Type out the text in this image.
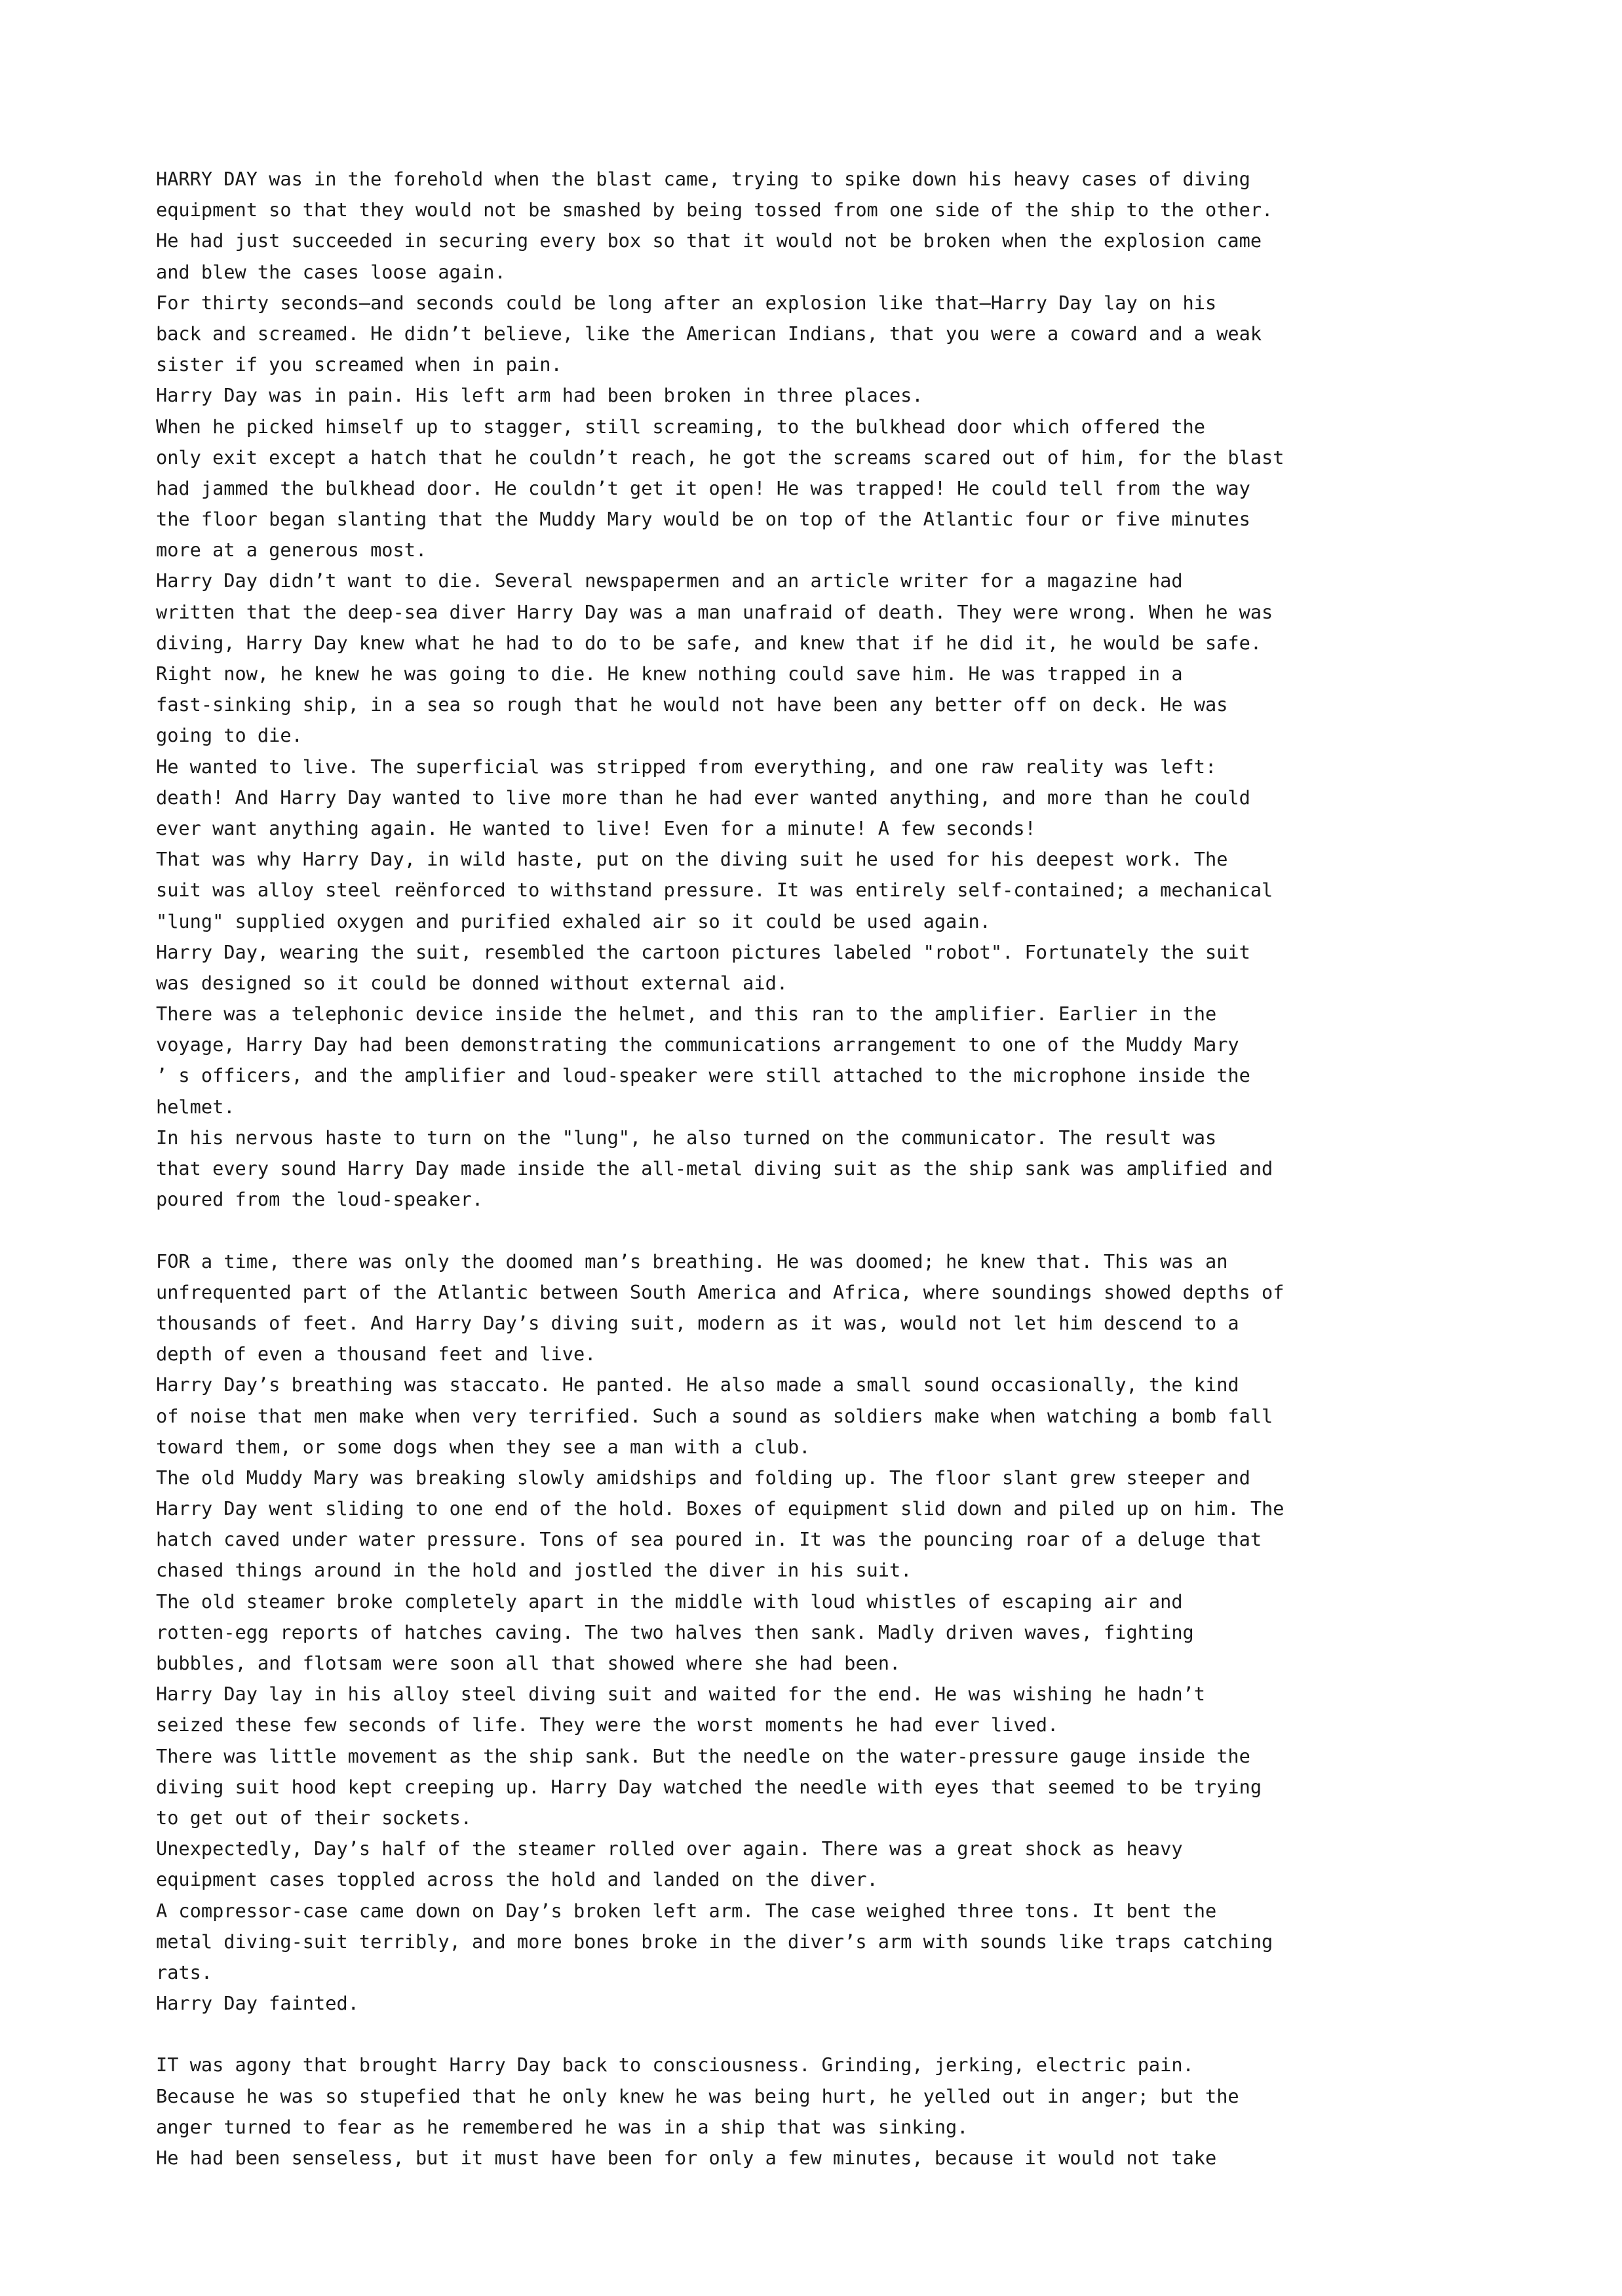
HARRY DAY was in the forehold when the blast came, trying to spike down his heavy cases of diving
equipment so that they would not be smashed by being tossed from one side of the ship to the other.
He had just succeeded in securing every box so that it would not be broken when the explosion came
and blew the cases loose again.
For thirty seconds—and seconds could be long after an explosion like that—Harry Day lay on his
back and screamed. He didn’t believe, like the American Indians, that you were a coward and a weak
sister if you screamed when in pain.
Harry Day was in pain. His left arm had been broken in three places.
When he picked himself up to stagger, still screaming, to the bulkhead door which offered the
only exit except a hatch that he couldn’t reach, he got the screams scared out of him, for the blast
had jammed the bulkhead door. He couldn’t get it open! He was trapped! He could tell from the way
the floor began slanting that the Muddy Mary would be on top of the Atlantic four or five minutes
more at a generous most.
Harry Day didn’t want to die. Several newspapermen and an article writer for a magazine had
written that the deep-sea diver Harry Day was a man unafraid of death. They were wrong. When he was
diving, Harry Day knew what he had to do to be safe, and knew that if he did it, he would be safe.
Right now, he knew he was going to die. He knew nothing could save him. He was trapped in a
fast-sinking ship, in a sea so rough that he would not have been any better off on deck. He was
going to die.
He wanted to live. The superficial was stripped from everything, and one raw reality was left:
death! And Harry Day wanted to live more than he had ever wanted anything, and more than he could
ever want anything again. He wanted to live! Even for a minute! A few seconds!
That was why Harry Day, in wild haste, put on the diving suit he used for his deepest work. The
suit was alloy steel reënforced to withstand pressure. It was entirely self-contained; a mechanical
"lung" supplied oxygen and purified exhaled air so it could be used again.
Harry Day, wearing the suit, resembled the cartoon pictures labeled "robot". Fortunately the suit
was designed so it could be donned without external aid.
There was a telephonic device inside the helmet, and this ran to the amplifier. Earlier in the
voyage, Harry Day had been demonstrating the communications arrangement to one of the Muddy Mary
’ s officers, and the amplifier and loud-speaker were still attached to the microphone inside the
helmet.
In his nervous haste to turn on the "lung", he also turned on the communicator. The result was
that every sound Harry Day made inside the all-metal diving suit as the ship sank was amplified and
poured from the loud-speaker.
FOR a time, there was only the doomed man’s breathing. He was doomed; he knew that. This was an
unfrequented part of the Atlantic between South America and Africa, where soundings showed depths of
thousands of feet. And Harry Day’s diving suit, modern as it was, would not let him descend to a
depth of even a thousand feet and live.
Harry Day’s breathing was staccato. He panted. He also made a small sound occasionally, the kind
of noise that men make when very terrified. Such a sound as soldiers make when watching a bomb fall
toward them, or some dogs when they see a man with a club.
The old Muddy Mary was breaking slowly amidships and folding up. The floor slant grew steeper and
Harry Day went sliding to one end of the hold. Boxes of equipment slid down and piled up on him. The
hatch caved under water pressure. Tons of sea poured in. It was the pouncing roar of a deluge that
chased things around in the hold and jostled the diver in his suit.
The old steamer broke completely apart in the middle with loud whistles of escaping air and
rotten-egg reports of hatches caving. The two halves then sank. Madly driven waves, fighting
bubbles, and flotsam were soon all that showed where she had been.
Harry Day lay in his alloy steel diving suit and waited for the end. He was wishing he hadn’t
seized these few seconds of life. They were the worst moments he had ever lived.
There was little movement as the ship sank. But the needle on the water-pressure gauge inside the
diving suit hood kept creeping up. Harry Day watched the needle with eyes that seemed to be trying
to get out of their sockets.
Unexpectedly, Day’s half of the steamer rolled over again. There was a great shock as heavy
equipment cases toppled across the hold and landed on the diver.
A compressor-case came down on Day’s broken left arm. The case weighed three tons. It bent the
metal diving-suit terribly, and more bones broke in the diver’s arm with sounds like traps catching
rats.
Harry Day fainted.
IT was agony that brought Harry Day back to consciousness. Grinding, jerking, electric pain.
Because he was so stupefied that he only knew he was being hurt, he yelled out in anger; but the
anger turned to fear as he remembered he was in a ship that was sinking.
He had been senseless, but it must have been for only a few minutes, because it would not take
